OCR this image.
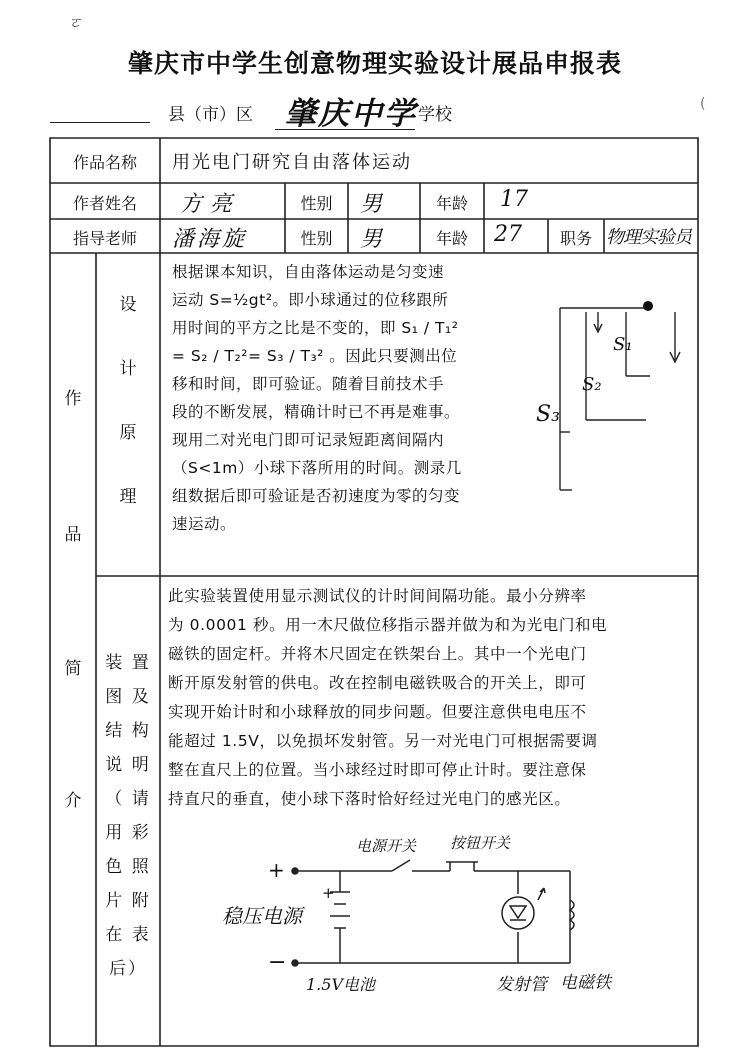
ㄛ
肇庆市中学生创意物理实验设计展品申报表
县（市）区 肇庆中学 学校
(
作品名称	用光电门研究自由落体运动
作者姓名	方亮	性别	男	年龄	17
指导老师	潘海旋	性别	男	年龄	27	职务 物理实验员
作
品
简
介
设
计
原
理
根据课本知识，自由落体运动是匀变速
运动 S=½gt²。即小球通过的位移跟所
用时间的平方之比是不变的，即 S₁ / T₁²
= S₂ / T₂²= S₃ / T₃² 。因此只要测出位
移和时间，即可验证。随着目前技术手
段的不断发展，精确计时已不再是难事。
现用二对光电门即可记录短距离间隔内
（S<1m）小球下落所用的时间。测录几
组数据后即可验证是否初速度为零的匀变
速运动。
S₁
S₂
S₃
装 置
图 及
结 构
说 明
（ 请
用 彩
色 照
片 附
在 表
后）
此实验装置使用显示测试仪的计时间间隔功能。最小分辨率
为 0.0001 秒。用一木尺做位移指示器并做为和为光电门和电
磁铁的固定杆。并将木尺固定在铁架台上。其中一个光电门
断开原发射管的供电。改在控制电磁铁吸合的开关上，即可
实现开始计时和小球释放的同步问题。但要注意供电电压不
能超过 1.5V，以免损坏发射管。另一对光电门可根据需要调
整在直尺上的位置。当小球经过时即可停止计时。要注意保
持直尺的垂直，使小球下落时恰好经过光电门的感光区。
+
−
+
电源开关 按钮开关
稳压电源
1.5V电池	发射管 电磁铁
